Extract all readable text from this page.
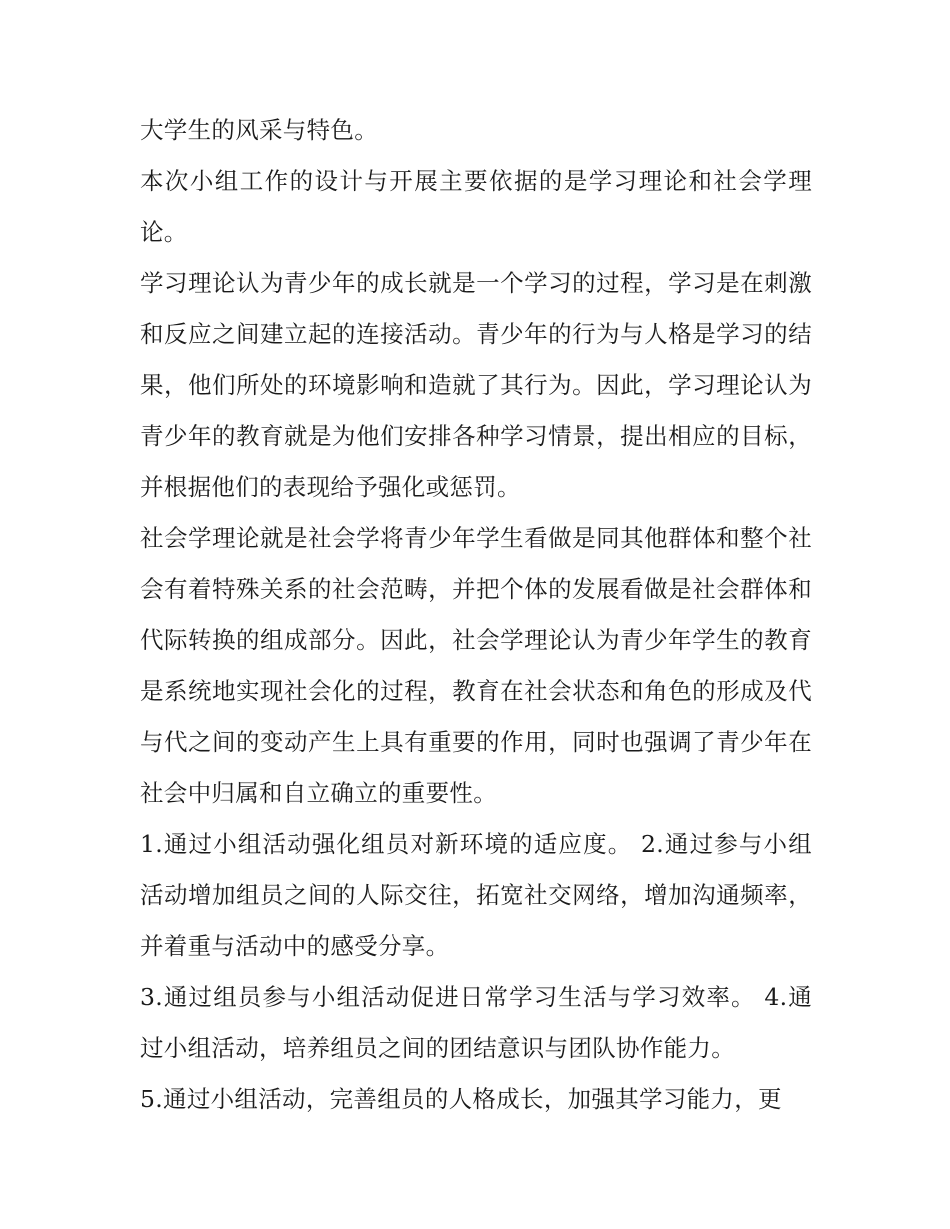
大学生的风采与特色。

本次小组工作的设计与开展主要依据的是学习理论和社会学理论。

学习理论认为青少年的成长就是一个学习的过程，学习是在刺激和反应之间建立起的连接活动。青少年的行为与人格是学习的结果，他们所处的环境影响和造就了其行为。因此，学习理论认为青少年的教育就是为他们安排各种学习情景，提出相应的目标，并根据他们的表现给予强化或惩罚。

社会学理论就是社会学将青少年学生看做是同其他群体和整个社会有着特殊关系的社会范畴，并把个体的发展看做是社会群体和代际转换的组成部分。因此，社会学理论认为青少年学生的教育是系统地实现社会化的过程，教育在社会状态和角色的形成及代与代之间的变动产生上具有重要的作用，同时也强调了青少年在社会中归属和自立确立的重要性。

1.通过小组活动强化组员对新环境的适应度。 2.通过参与小组活动增加组员之间的人际交往，拓宽社交网络，增加沟通频率，并着重与活动中的感受分享。

3.通过组员参与小组活动促进日常学习生活与学习效率。 4.通过小组活动，培养组员之间的团结意识与团队协作能力。

5.通过小组活动，完善组员的人格成长，加强其学习能力，更
